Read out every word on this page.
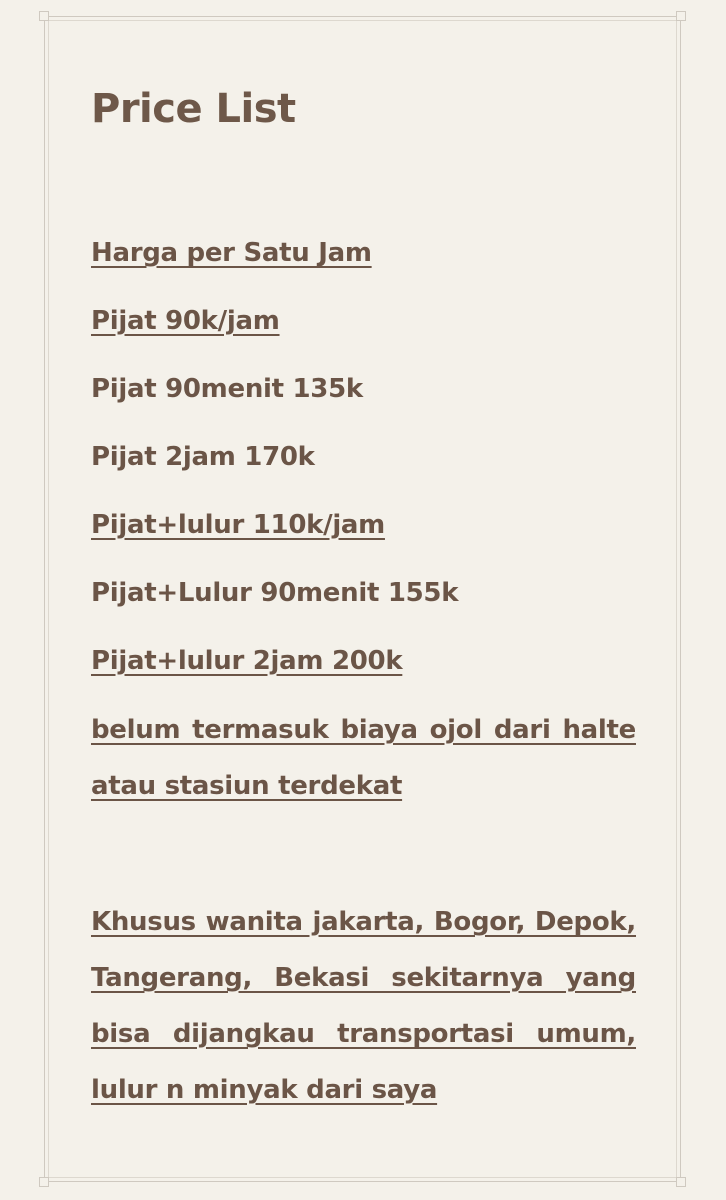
Price List
Harga per Satu Jam
Pijat 90k/jam
Pijat 90menit 135k
Pijat 2jam 170k
Pijat+lulur 110k/jam
Pijat+Lulur 90menit 155k
Pijat+lulur 2jam 200k
belum termasuk biaya ojol dari halte atau stasiun terdekat
Khusus wanita jakarta, Bogor, Depok, Tangerang, Bekasi sekitarnya yang bisa dijangkau transportasi umum, lulur n minyak dari saya
